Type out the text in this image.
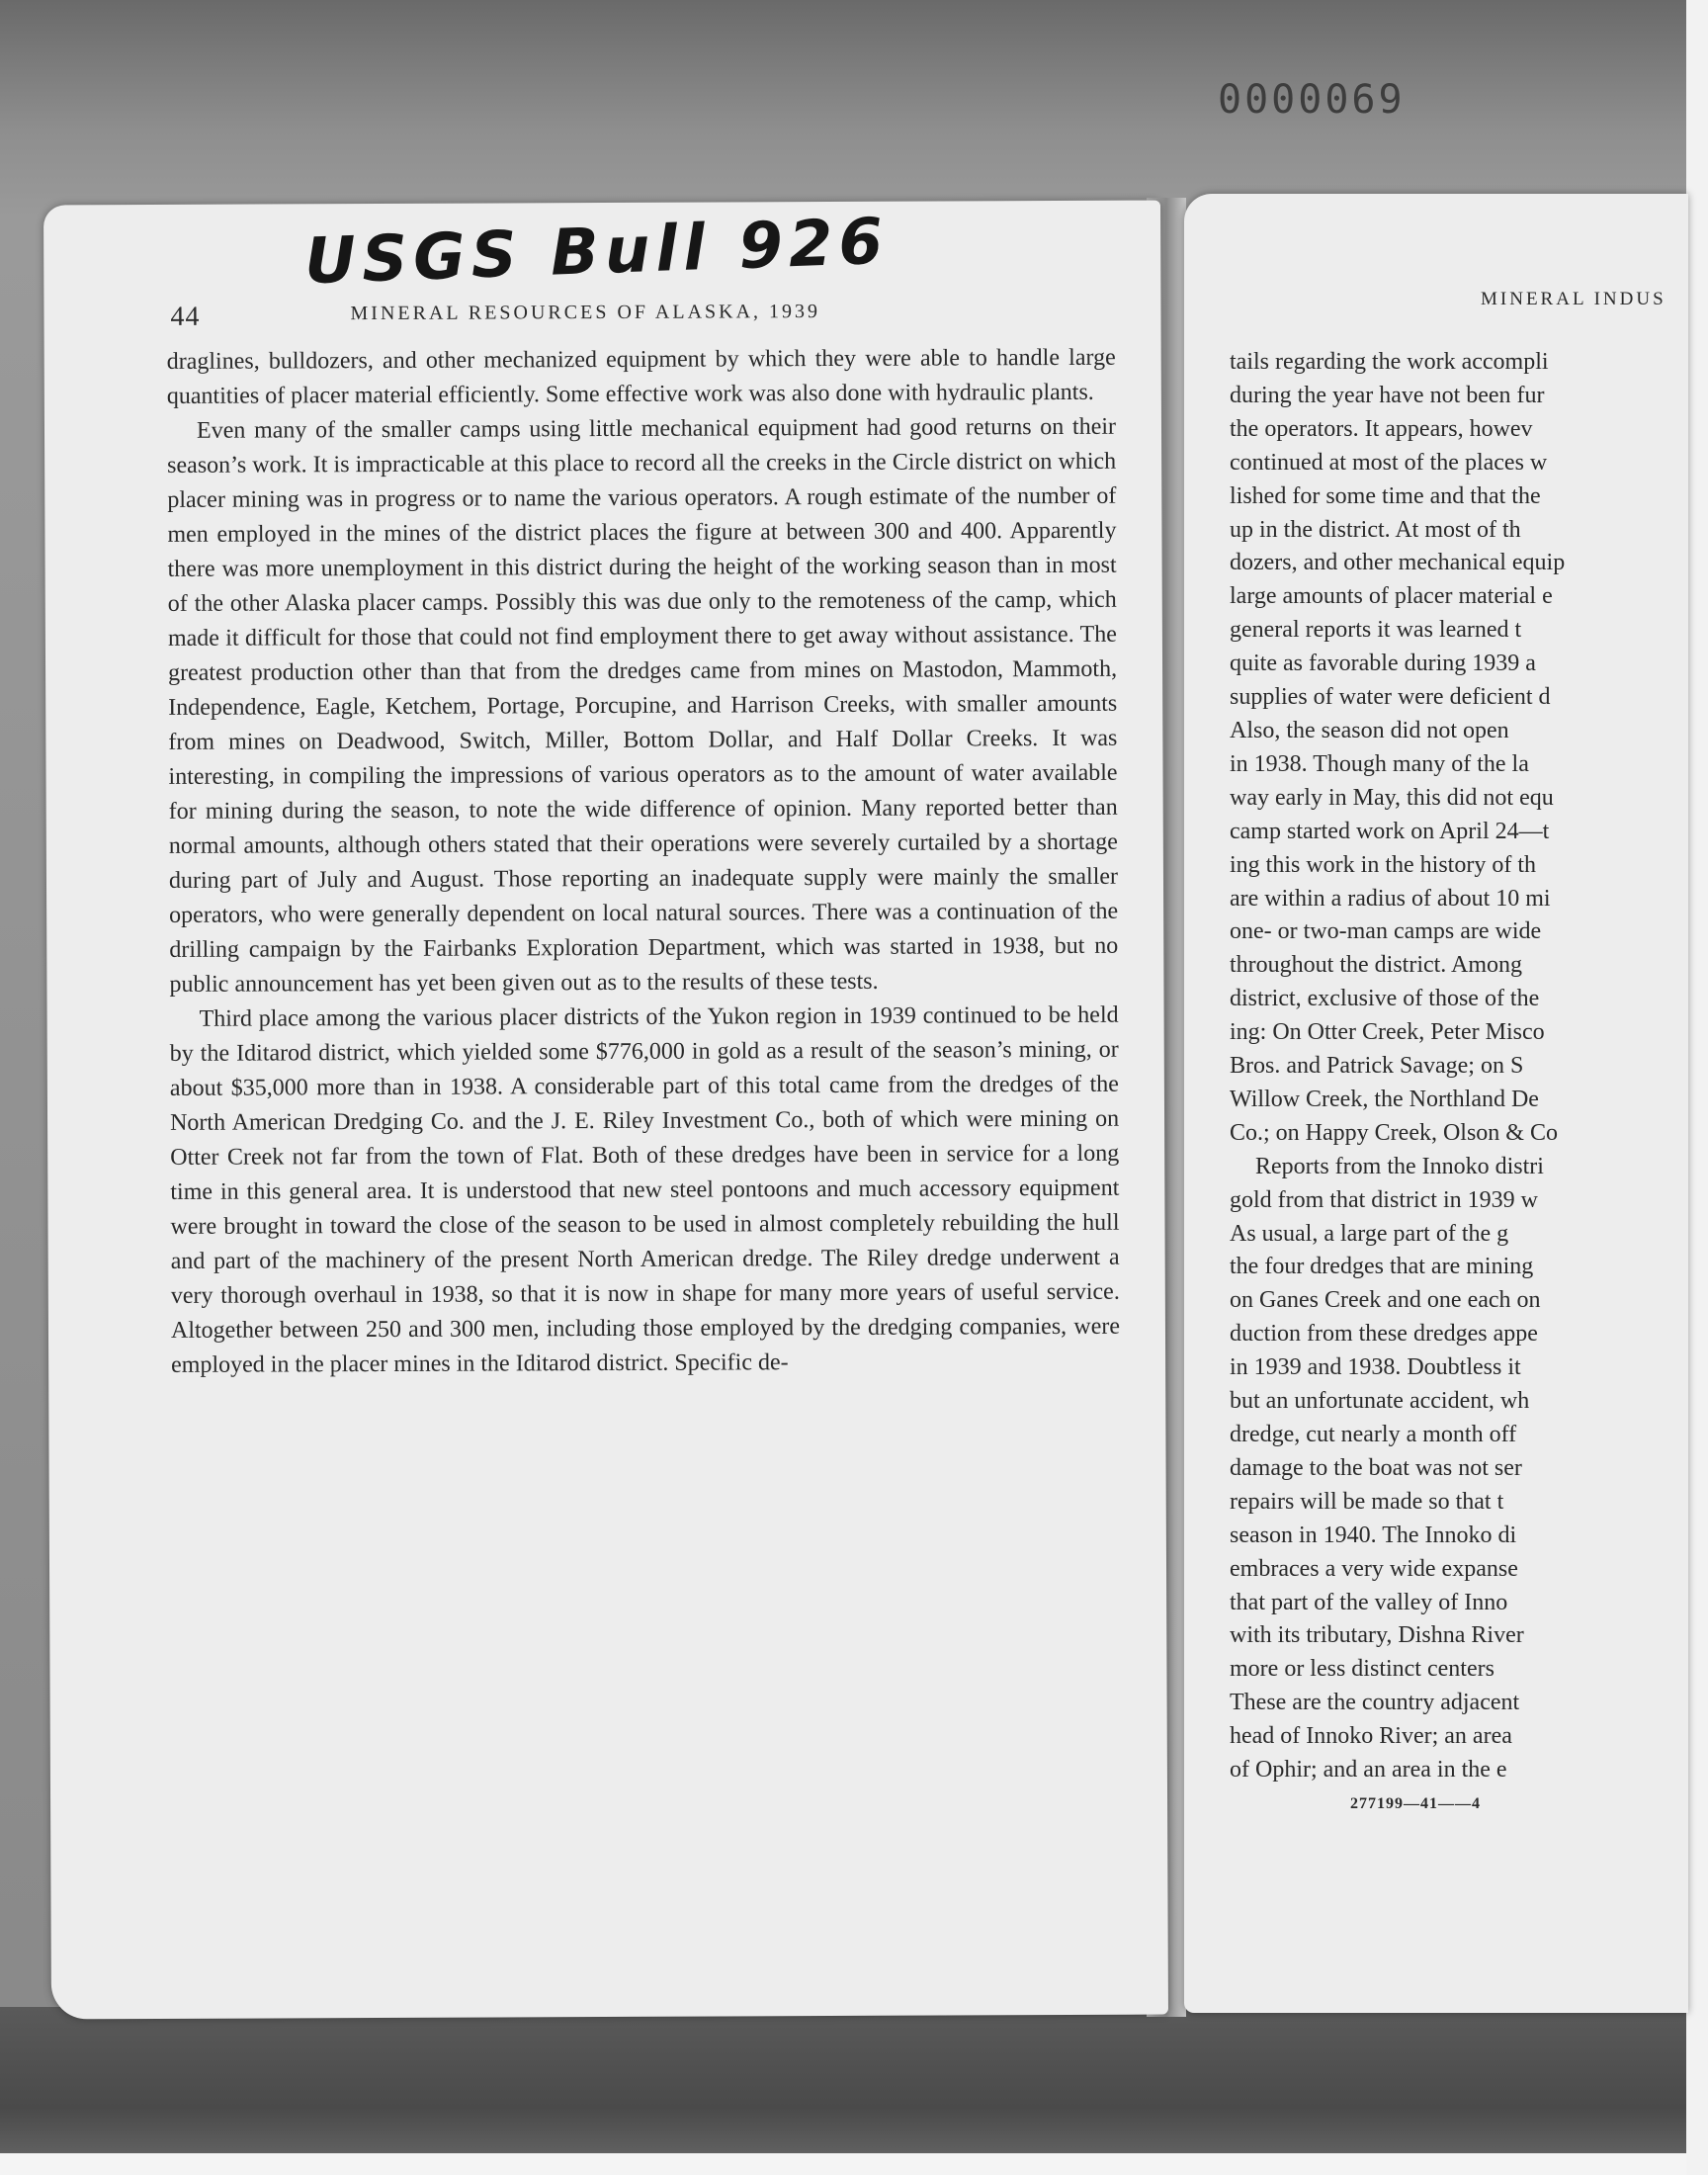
0000069
44	MINERAL RESOURCES OF ALASKA, 1939

draglines, bulldozers, and other mechanized equipment by which they were able to handle large quantities of placer material efficiently. Some effective work was also done with hydraulic plants.

Even many of the smaller camps using little mechanical equipment had good returns on their season’s work. It is impracticable at this place to record all the creeks in the Circle district on which placer mining was in progress or to name the various operators. A rough estimate of the number of men employed in the mines of the district places the figure at between 300 and 400. Apparently there was more unemployment in this district during the height of the working season than in most of the other Alaska placer camps. Possibly this was due only to the remoteness of the camp, which made it difficult for those that could not find employment there to get away without assistance. The greatest production other than that from the dredges came from mines on Mastodon, Mammoth, Independence, Eagle, Ketchem, Portage, Porcupine, and Harrison Creeks, with smaller amounts from mines on Deadwood, Switch, Miller, Bottom Dollar, and Half Dollar Creeks. It was interesting, in compiling the impressions of various operators as to the amount of water available for mining during the season, to note the wide difference of opinion. Many reported better than normal amounts, although others stated that their operations were severely curtailed by a shortage during part of July and August. Those reporting an inadequate supply were mainly the smaller operators, who were generally dependent on local natural sources. There was a continuation of the drilling campaign by the Fairbanks Exploration Department, which was started in 1938, but no public announcement has yet been given out as to the results of these tests.

Third place among the various placer districts of the Yukon region in 1939 continued to be held by the Iditarod district, which yielded some $776,000 in gold as a result of the season’s mining, or about $35,000 more than in 1938. A considerable part of this total came from the dredges of the North American Dredging Co. and the J. E. Riley Investment Co., both of which were mining on Otter Creek not far from the town of Flat. Both of these dredges have been in service for a long time in this general area. It is understood that new steel pontoons and much accessory equipment were brought in toward the close of the season to be used in almost completely rebuilding the hull and part of the machinery of the present North American dredge. The Riley dredge underwent a very thorough overhaul in 1938, so that it is now in shape for many more years of useful service. Altogether between 250 and 300 men, including those employed by the dredging companies, were employed in the placer mines in the Iditarod district. Specific de-

USGS Bull 926
MINERAL INDUS
tails regarding the work accompli
during the year have not been fur
the operators. It appears, howev
continued at most of the places w
lished for some time and that the
up in the district. At most of th
dozers, and other mechanical equip
large amounts of placer material e
general reports it was learned t
quite as favorable during 1939 a
supplies of water were deficient d
Also, the season did not open
in 1938. Though many of the la
way early in May, this did not equ
camp started work on April 24—t
ing this work in the history of th
are within a radius of about 10 mi
one- or two-man camps are wide
throughout the district. Among
district, exclusive of those of the
ing: On Otter Creek, Peter Misco
Bros. and Patrick Savage; on S
Willow Creek, the Northland De
Co.; on Happy Creek, Olson & Co
Reports from the Innoko distri
gold from that district in 1939 w
As usual, a large part of the g
the four dredges that are mining
on Ganes Creek and one each on
duction from these dredges appe
in 1939 and 1938. Doubtless it
but an unfortunate accident, wh
dredge, cut nearly a month off
damage to the boat was not ser
repairs will be made so that t
season in 1940. The Innoko di
embraces a very wide expanse
that part of the valley of Inno
with its tributary, Dishna River
more or less distinct centers
These are the country adjacent
head of Innoko River; an area
of Ophir; and an area in the e
277199—41——4
